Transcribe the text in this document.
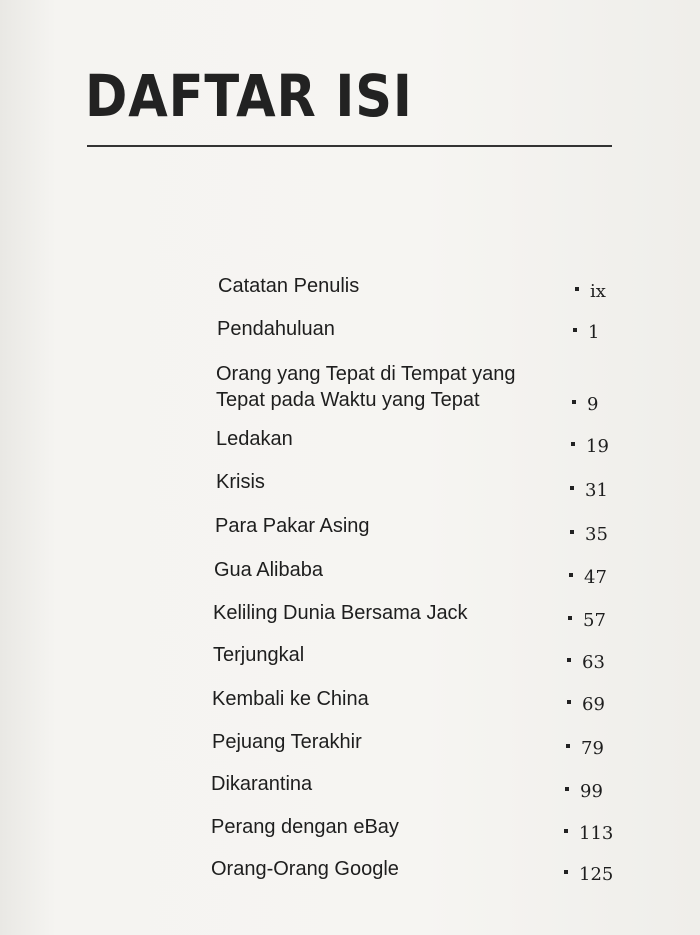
DAFTAR ISI
Catatan Penulis	ix
Pendahuluan	1
Orang yang Tepat di Tempat yang
Tepat pada Waktu yang Tepat	9
Ledakan	19
Krisis	31
Para Pakar Asing	35
Gua Alibaba	47
Keliling Dunia Bersama Jack	57
Terjungkal	63
Kembali ke China	69
Pejuang Terakhir	79
Dikarantina	99
Perang dengan eBay	113
Orang-Orang Google	125
